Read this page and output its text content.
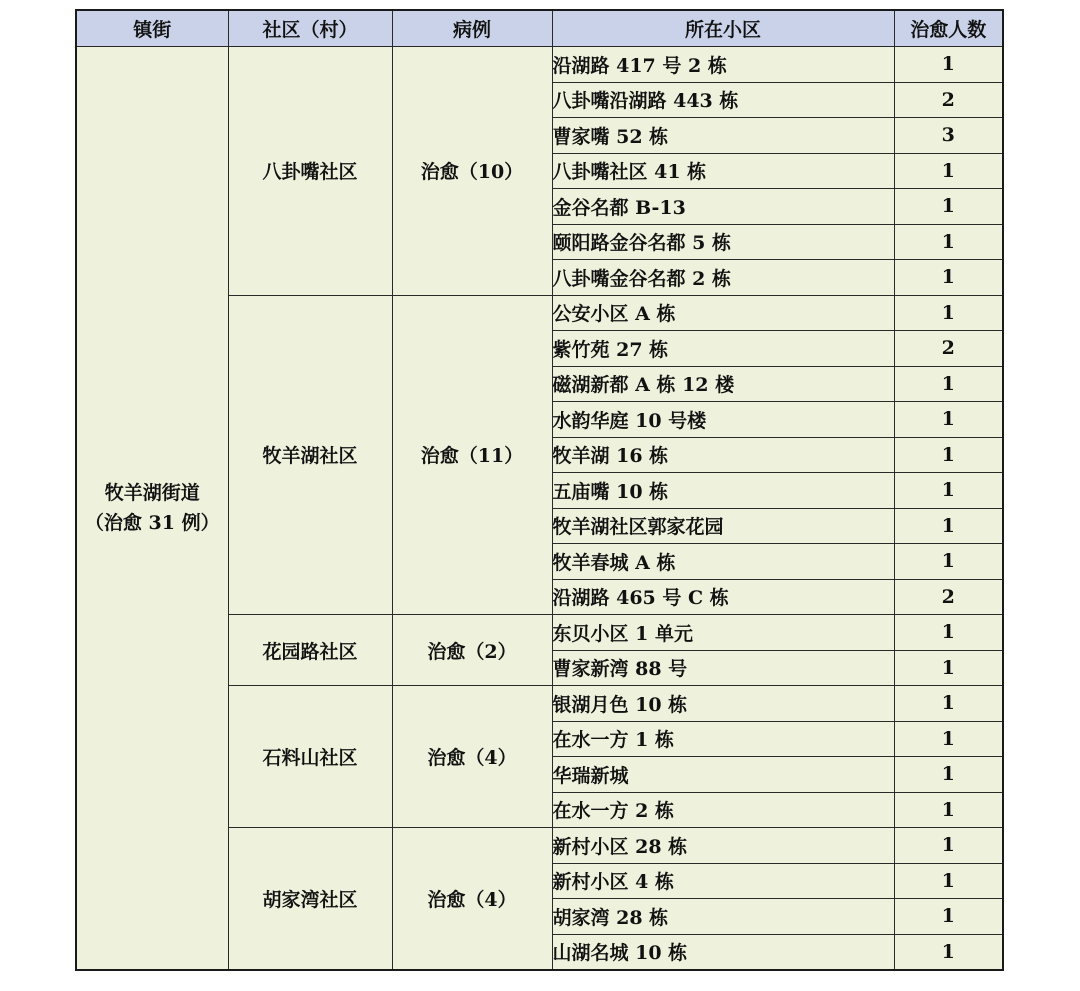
镇街	社区（村）	病例	所在小区	治愈人数

牧羊湖街道
（治愈 31 例）	八卦嘴社区	治愈（10）	沿湖路 417 号 2 栋	1
			八卦嘴沿湖路 443 栋	2
			曹家嘴 52 栋	3
			八卦嘴社区 41 栋	1
			金谷名都 B-13	1
			颐阳路金谷名都 5 栋	1
			八卦嘴金谷名都 2 栋	1
	牧羊湖社区	治愈（11）	公安小区 A 栋	1
			紫竹苑 27 栋	2
			磁湖新都 A 栋 12 楼	1
			水韵华庭 10 号楼	1
			牧羊湖 16 栋	1
			五庙嘴 10 栋	1
			牧羊湖社区郭家花园	1
			牧羊春城 A 栋	1
			沿湖路 465 号 C 栋	2
	花园路社区	治愈（2）	东贝小区 1 单元	1
			曹家新湾 88 号	1
	石料山社区	治愈（4）	银湖月色 10 栋	1
			在水一方 1 栋	1
			华瑞新城	1
			在水一方 2 栋	1
	胡家湾社区	治愈（4）	新村小区 28 栋	1
			新村小区 4 栋	1
			胡家湾 28 栋	1
			山湖名城 10 栋	1
